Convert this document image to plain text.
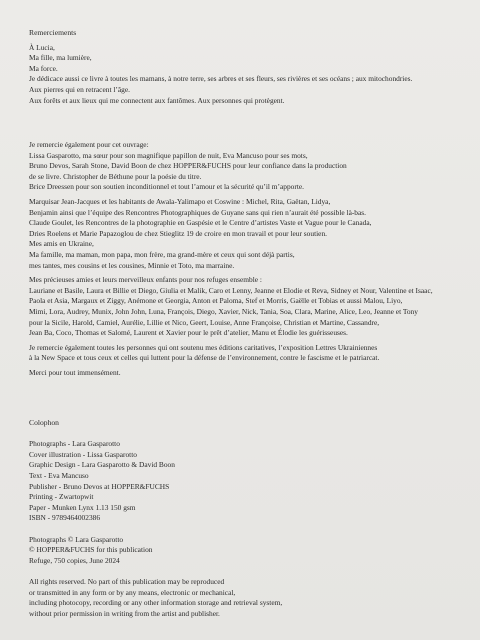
Remerciements

À Lucia,

Ma fille, ma lumière,

Ma force.

Je dédicace aussi ce livre à toutes les mamans, à notre terre, ses arbres et ses fleurs, ses rivières et ses océans ; aux mitochondries.

Aux pierres qui en retracent l’âge.

Aux forêts et aux lieux qui me connectent aux fantômes. Aux personnes qui protègent.

Je remercie également pour cet ouvrage:

Lissa Gasparotto, ma sœur pour son magnifique papillon de nuit, Eva Mancuso pour ses mots,

Bruno Devos, Sarah Stone, David Boon de chez HOPPER&FUCHS pour leur confiance dans la production

de se livre. Christopher de Béthune pour la poésie du titre.

Brice Dreessen pour son soutien inconditionnel et tout l’amour et la sécurité qu’il m’apporte.

Marquisar Jean-Jacques et les habitants de Awala-Yalimapo et Coswine : Michel, Rita, Gaëtan, Lidya,

Benjamin ainsi que l’équipe des Rencontres Photographiques de Guyane sans qui rien n’aurait été possible là-bas.

Claude Goulet, les Rencontres de la photographie en Gaspésie et le Centre d’artistes Vaste et Vague pour le Canada,

Dries Roelens et Marie Papazoglou de chez Stieglitz 19 de croire en mon travail et pour leur soutien.

Mes amis en Ukraine,

Ma famille, ma maman, mon papa, mon frère, ma grand-mère et ceux qui sont déjà partis,

mes tantes, mes cousins et les cousines, Minnie et Toto, ma marraine.

Mes précieuses amies et leurs merveilleux enfants pour nos refuges ensemble :

Lauriane et Basile, Laura et Billie et Diego, Giulia et Malik, Caro et Lenny, Jeanne et Elodie et Reva, Sidney et Nour, Valentine et Isaac,

Paola et Asia, Margaux et Ziggy, Anémone et Georgia, Anton et Paloma, Stef et Morris, Gaëlle et Tobias et aussi Malou, Liyo,

Mimi, Lora, Audrey, Munix, John John, Luna, François, Diego, Xavier, Nick, Tania, Soa, Clara, Marine, Alice, Leo, Jeanne et Tony

pour la Sicile, Harold, Camiel, Aurélie, Lillie et Nico, Geert, Louise, Anne Françoise, Christian et Martine, Cassandre,

Jean Ba, Coco, Thomas et Salomé, Laurent et Xavier pour le prêt d’atelier, Manu et Élodie les guérisseuses.

Je remercie également toutes les personnes qui ont soutenu mes éditions caritatives, l’exposition Lettres Ukrainiennes

à la New Space et tous ceux et celles qui luttent pour la défense de l’environnement, contre le fascisme et le patriarcat.

Merci pour tout immensément.

Colophon

Photographs - Lara Gasparotto

Cover illustration - Lissa Gasparotto

Graphic Design - Lara Gasparotto & David Boon

Text - Eva Mancuso

Publisher - Bruno Devos at HOPPER&FUCHS

Printing - Zwartopwit

Paper - Munken Lynx 1.13 150 gsm

ISBN - 9789464002386

Photographs © Lara Gasparotto

© HOPPER&FUCHS for this publication

Refuge, 750 copies, June 2024

All rights reserved. No part of this publication may be reproduced

or transmitted in any form or by any means, electronic or mechanical,

including photocopy, recording or any other information storage and retrieval system,

without prior permission in writing from the artist and publisher.
